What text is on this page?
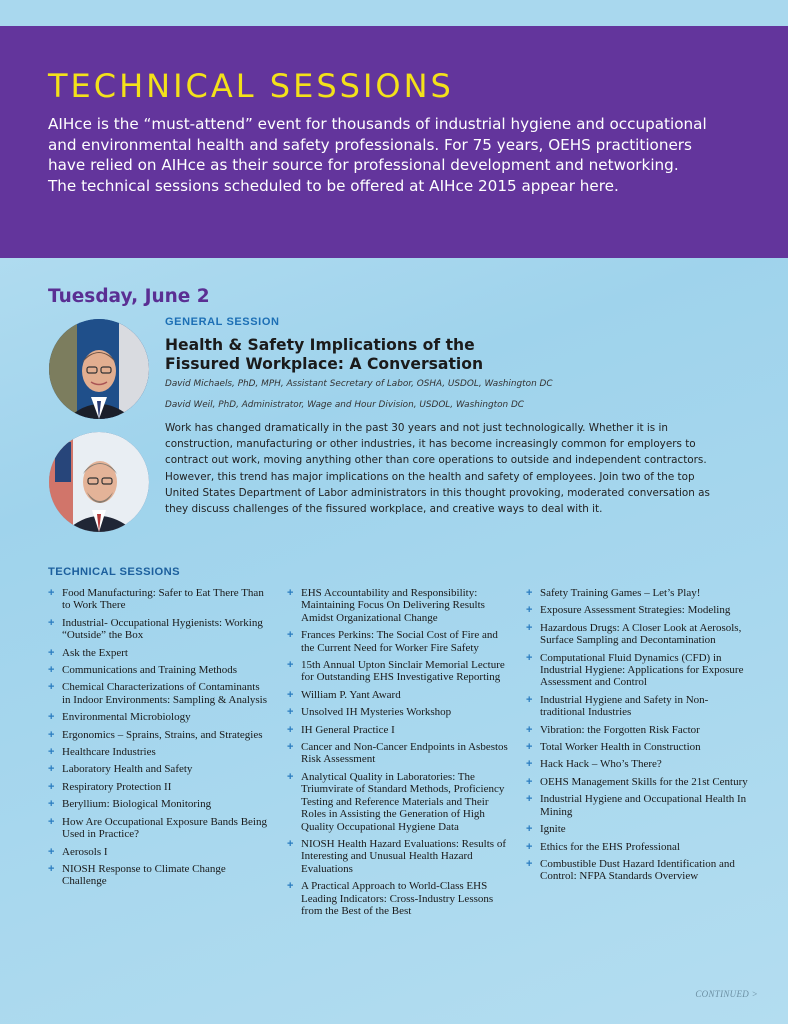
TECHNICAL SESSIONS

AIHce is the “must-attend” event for thousands of industrial hygiene and occupational and environmental health and safety professionals. For 75 years, OEHS practitioners have relied on AIHce as their source for professional development and networking. The technical sessions scheduled to be offered at AIHce 2015 appear here.

Tuesday, June 2

GENERAL SESSION

Health & Safety Implications of the Fissured Workplace: A Conversation

David Michaels, PhD, MPH, Assistant Secretary of Labor, OSHA, USDOL, Washington DC

David Weil, PhD, Administrator, Wage and Hour Division, USDOL, Washington DC

Work has changed dramatically in the past 30 years and not just technologically. Whether it is in construction, manufacturing or other industries, it has become increasingly common for employers to contract out work, moving anything other than core operations to outside and independent contractors. However, this trend has major implications on the health and safety of employees. Join two of the top United States Department of Labor administrators in this thought provoking, moderated conversation as they discuss challenges of the fissured workplace, and creative ways to deal with it.

TECHNICAL SESSIONS
+ Food Manufacturing: Safer to Eat There Than to Work There
+ Industrial- Occupational Hygienists: Working “Outside” the Box
+ Ask the Expert
+ Communications and Training Methods
+ Chemical Characterizations of Contaminants in Indoor Environments: Sampling & Analysis
+ Environmental Microbiology
+ Ergonomics – Sprains, Strains, and Strategies
+ Healthcare Industries
+ Laboratory Health and Safety
+ Respiratory Protection II
+ Beryllium: Biological Monitoring
+ How Are Occupational Exposure Bands Being Used in Practice?
+ Aerosols I
+ NIOSH Response to Climate Change Challenge
+ EHS Accountability and Responsibility: Maintaining Focus On Delivering Results Amidst Organizational Change
+ Frances Perkins: The Social Cost of Fire and the Current Need for Worker Fire Safety
+ 15th Annual Upton Sinclair Memorial Lecture for Outstanding EHS Investigative Reporting
+ William P. Yant Award
+ Unsolved IH Mysteries Workshop
+ IH General Practice I
+ Cancer and Non-Cancer Endpoints in Asbestos Risk Assessment
+ Analytical Quality in Laboratories: The Triumvirate of Standard Methods, Proficiency Testing and Reference Materials and Their Roles in Assisting the Generation of High Quality Occupational Hygiene Data
+ NIOSH Health Hazard Evaluations: Results of Interesting and Unusual Health Hazard Evaluations
+ A Practical Approach to World-Class EHS Leading Indicators: Cross-Industry Lessons from the Best of the Best
+ Safety Training Games – Let’s Play!
+ Exposure Assessment Strategies: Modeling
+ Hazardous Drugs: A Closer Look at Aerosols, Surface Sampling and Decontamination
+ Computational Fluid Dynamics (CFD) in Industrial Hygiene: Applications for Exposure Assessment and Control
+ Industrial Hygiene and Safety in Non-traditional Industries
+ Vibration: the Forgotten Risk Factor
+ Total Worker Health in Construction
+ Hack Hack – Who’s There?
+ OEHS Management Skills for the 21st Century
+ Industrial Hygiene and Occupational Health In Mining
+ Ignite
+ Ethics for the EHS Professional
+ Combustible Dust Hazard Identification and Control: NFPA Standards Overview

CONTINUED >
